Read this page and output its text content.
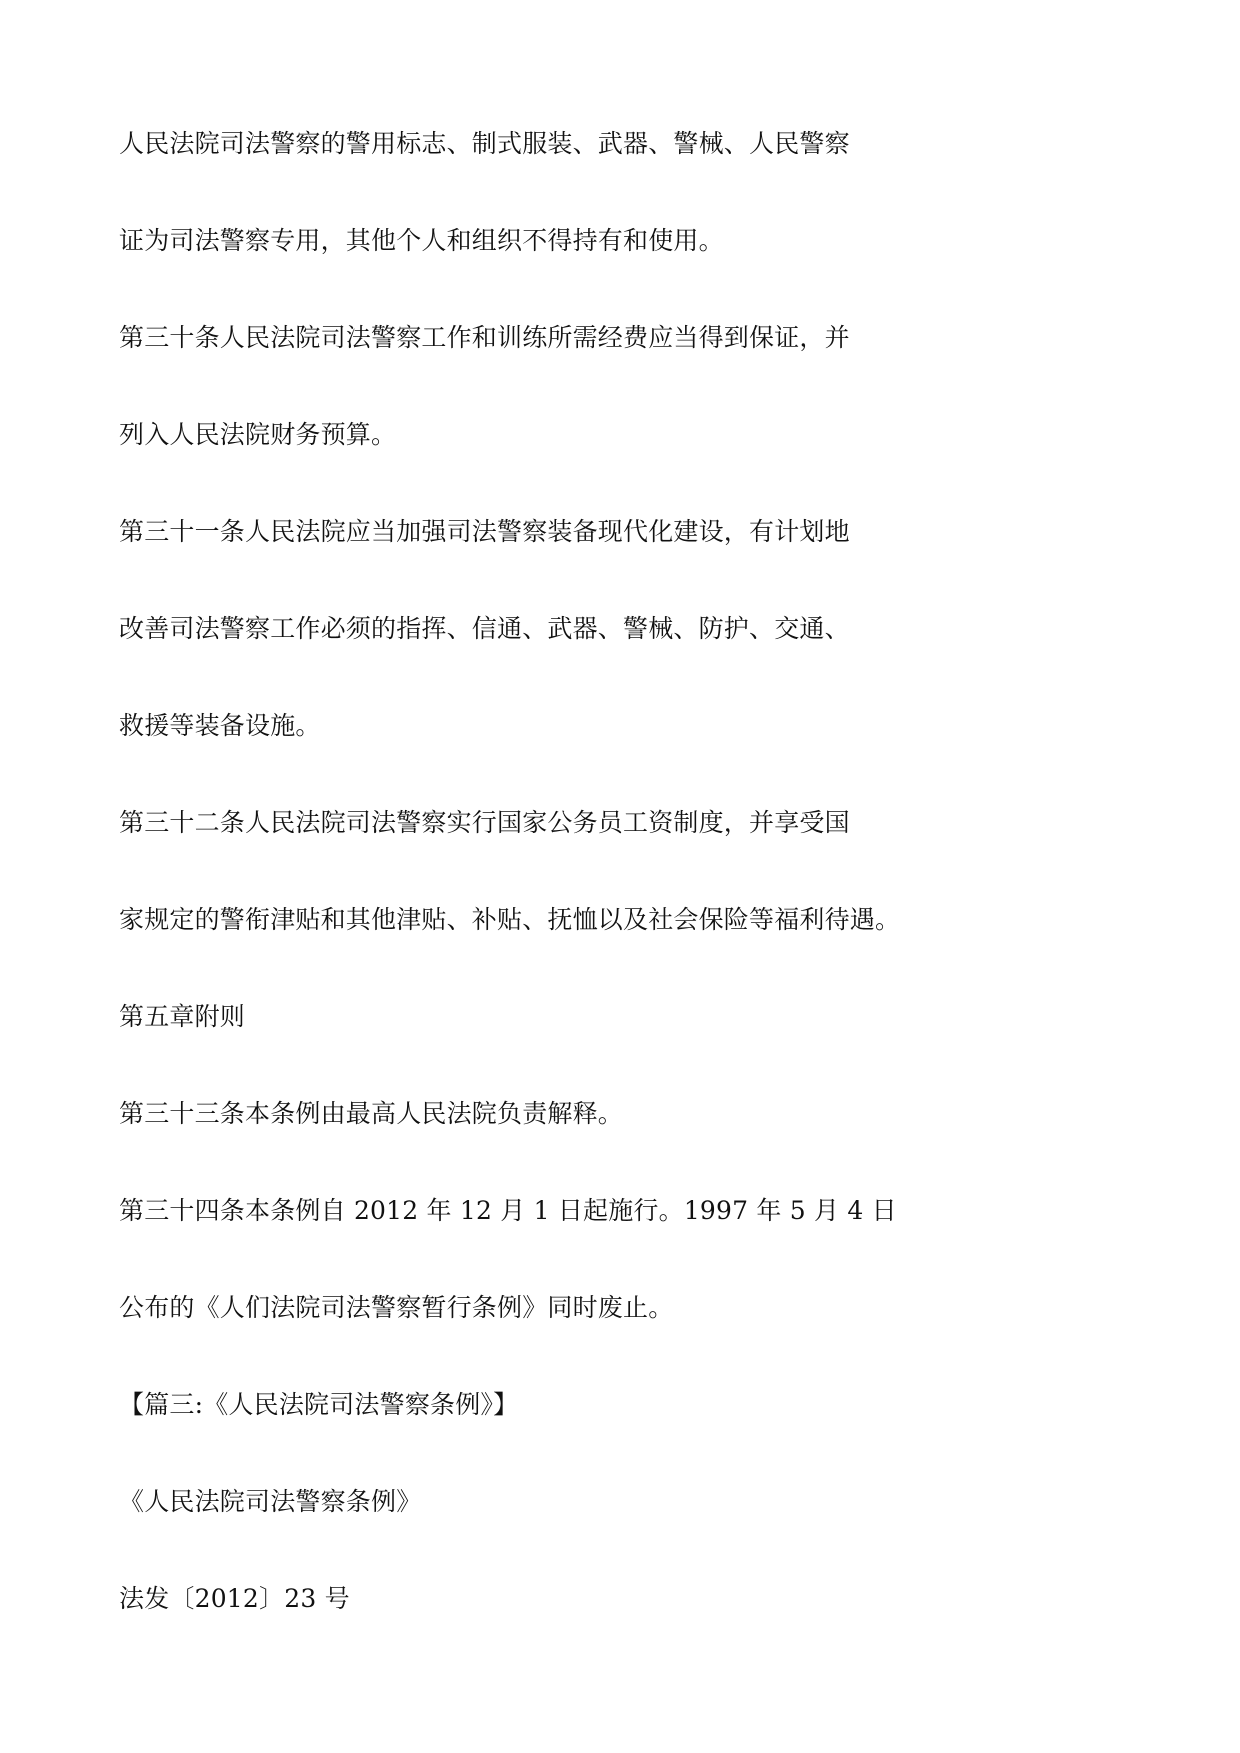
人民法院司法警察的警用标志、制式服装、武器、警械、人民警察

证为司法警察专用，其他个人和组织不得持有和使用。

第三十条人民法院司法警察工作和训练所需经费应当得到保证，并

列入人民法院财务预算。

第三十一条人民法院应当加强司法警察装备现代化建设，有计划地

改善司法警察工作必须的指挥、信通、武器、警械、防护、交通、

救援等装备设施。

第三十二条人民法院司法警察实行国家公务员工资制度，并享受国

家规定的警衔津贴和其他津贴、补贴、抚恤以及社会保险等福利待遇。

第五章附则

第三十三条本条例由最高人民法院负责解释。

第三十四条本条例自 2012 年 12 月 1 日起施行。1997 年 5 月 4 日

公布的《人们法院司法警察暂行条例》同时废止。

【篇三:《人民法院司法警察条例》】

《人民法院司法警察条例》

法发〔2012〕23 号
